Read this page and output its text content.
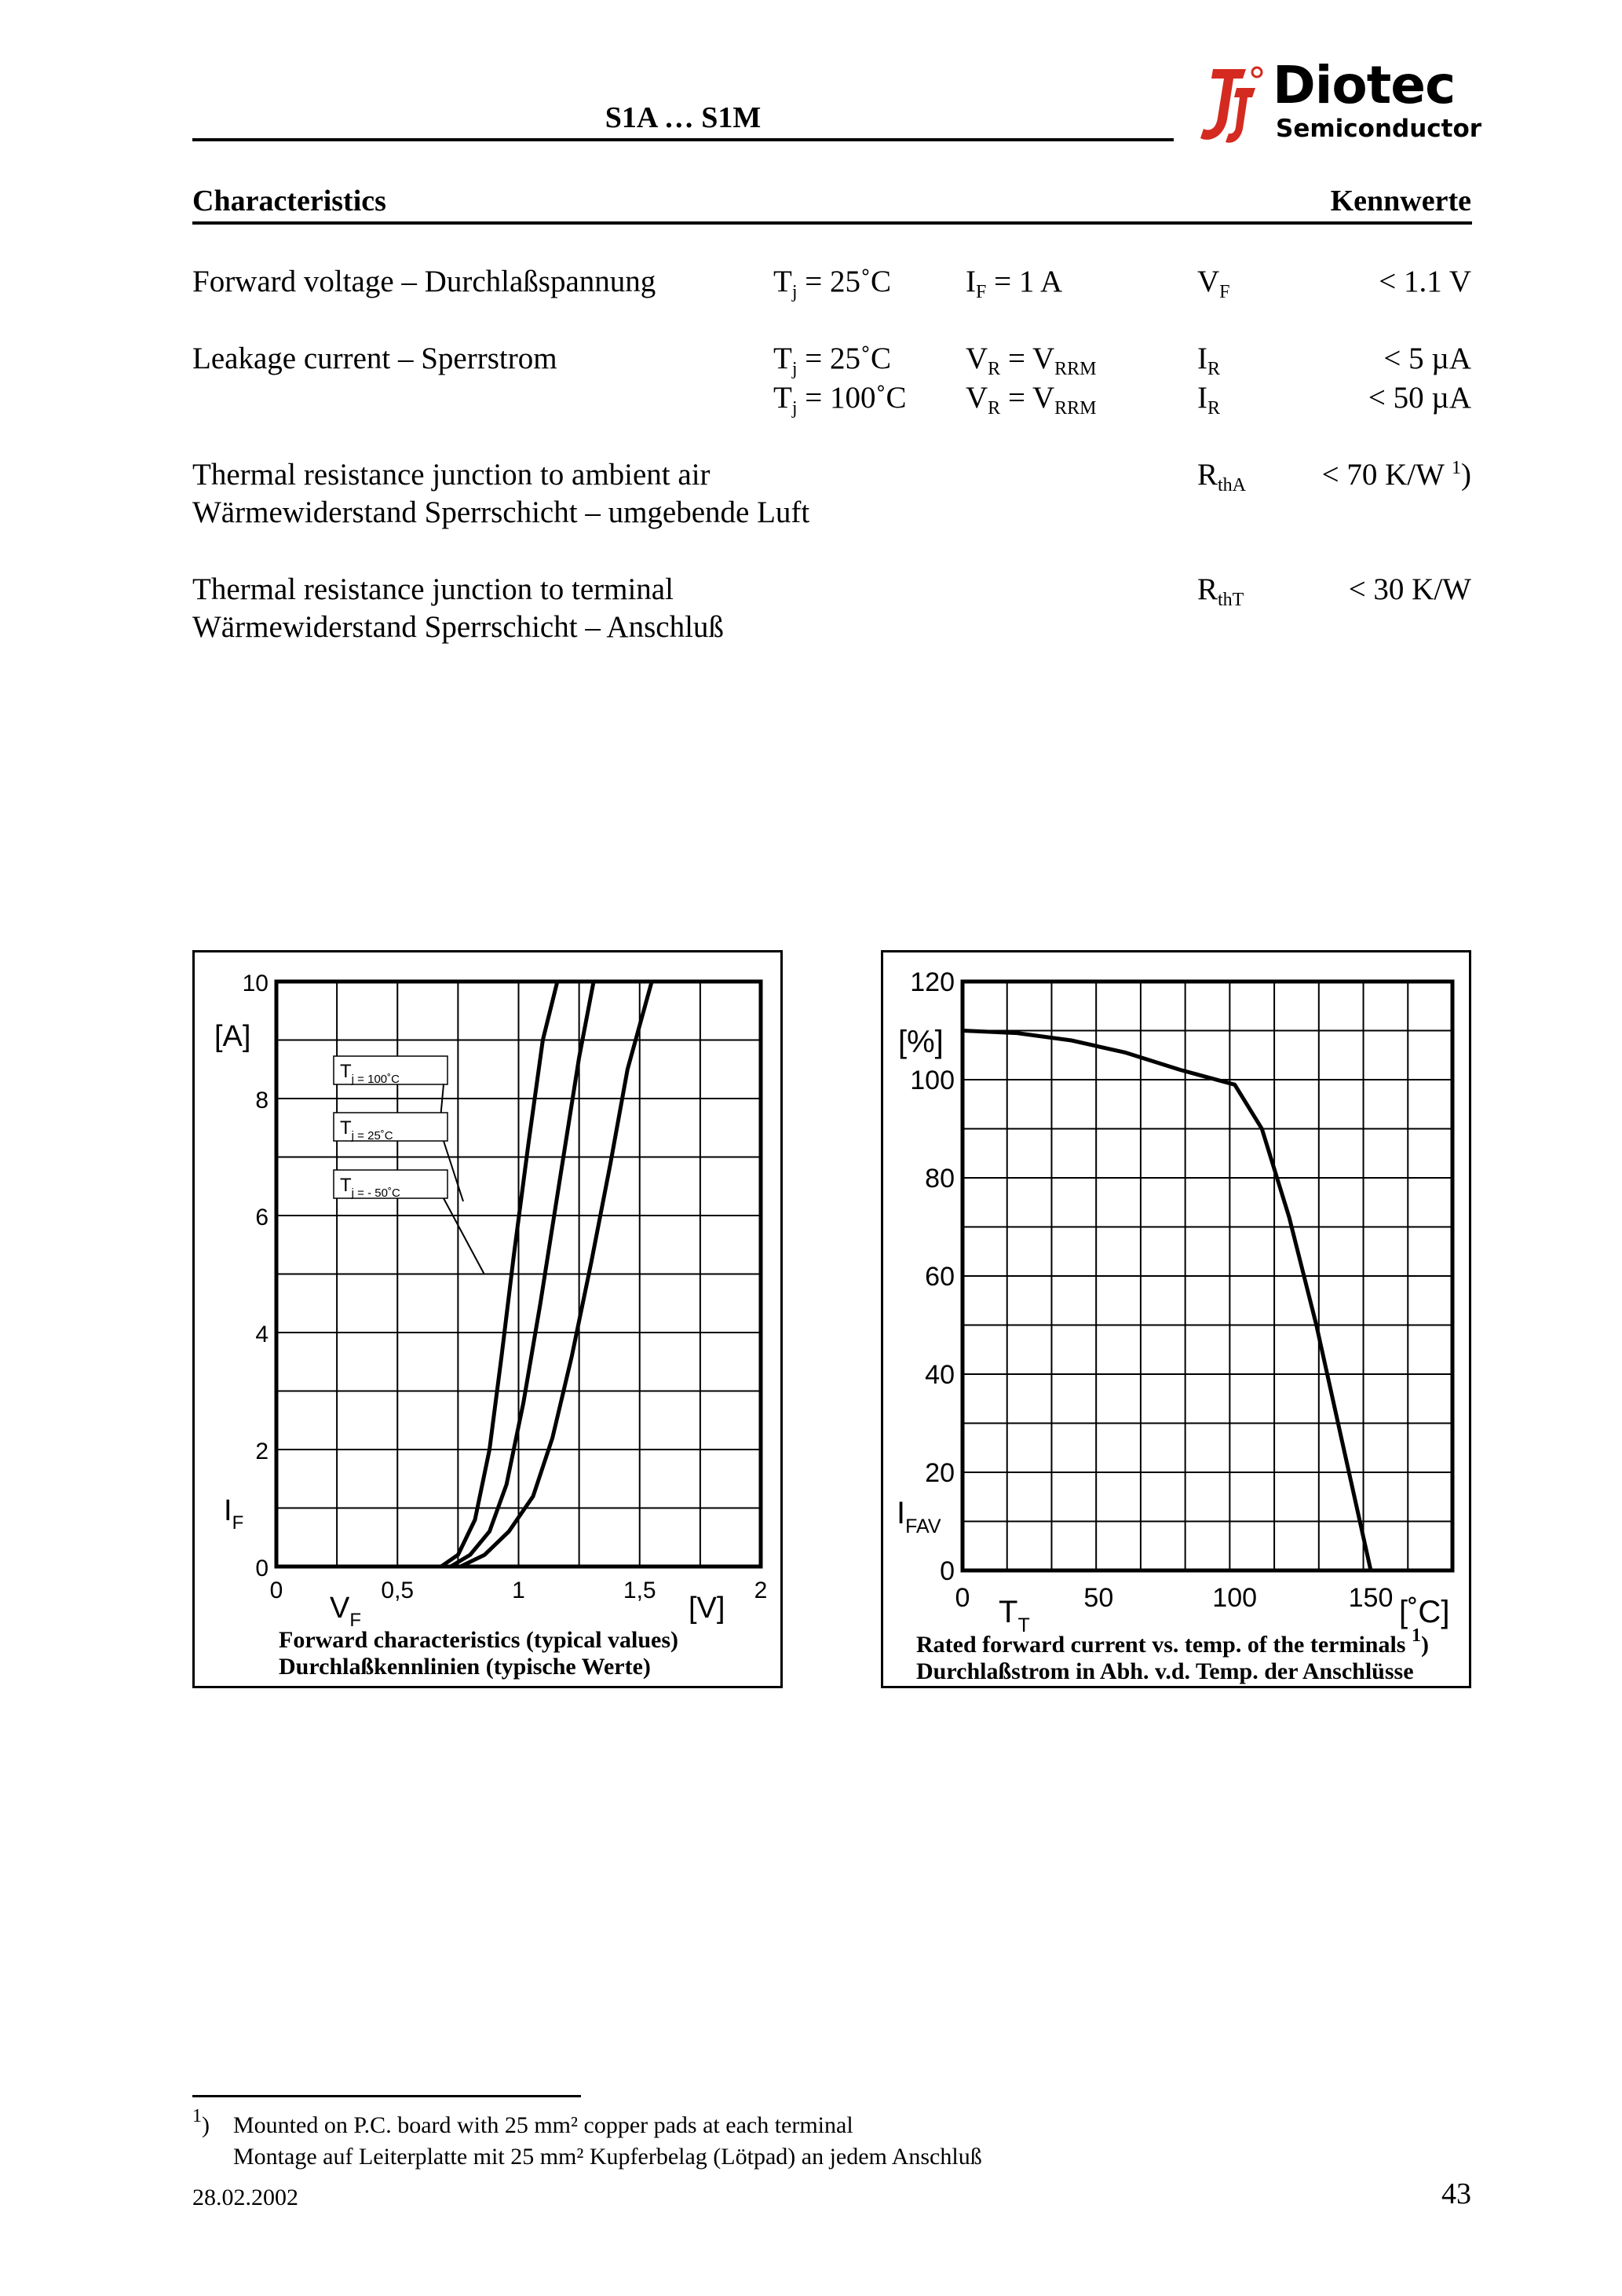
S1A … S1M
Diotec
Semiconductor
Characteristics	Kennwerte
Forward voltage – Durchlaßspannung	$T_j$ = 25˚C $I_F = 1$ A	$V_F$	< 1.1 V
Leakage current – Sperrstrom	$T_j$ = 25˚C $V_R = V_{RRM}$	$I_R$	< 5 µA
$T_j$ = 100˚C $V_R = V_{RRM}$	$I_R$	< 50 µA
Thermal resistance junction to ambient air
Wärmewiderstand Sperrschicht – umgebende Luft
$R_{thA} < 70$ K/W $^1$)
Thermal resistance junction to terminal
Wärmewiderstand Sperrschicht – Anschluß
$R_{thT}$	< 30 K/W
0
2
4
6
8
10
0	0,5	1	1,5	2
[A]
$I_F$
$V_F$	[V]
$T_{j = 100˚C}$
$T_{j = 25˚C}$
$T_{j = - 50˚C}$
Forward characteristics (typical values)
Durchlaßkennlinien (typische Werte)
0
20
40
60
80
100
120
0	50	100	150
[%]
$I_{FAV}$
$T_T$	[˚C]
Rated forward current vs. temp. of the terminals $^1$)
Durchlaßstrom in Abh. v.d. Temp. der Anschlüsse
$^1$) Mounted on P.C. board with 25 mm² copper pads at each terminal
Montage auf Leiterplatte mit 25 mm² Kupferbelag (Lötpad) an jedem Anschluß
28.02.2002	43
